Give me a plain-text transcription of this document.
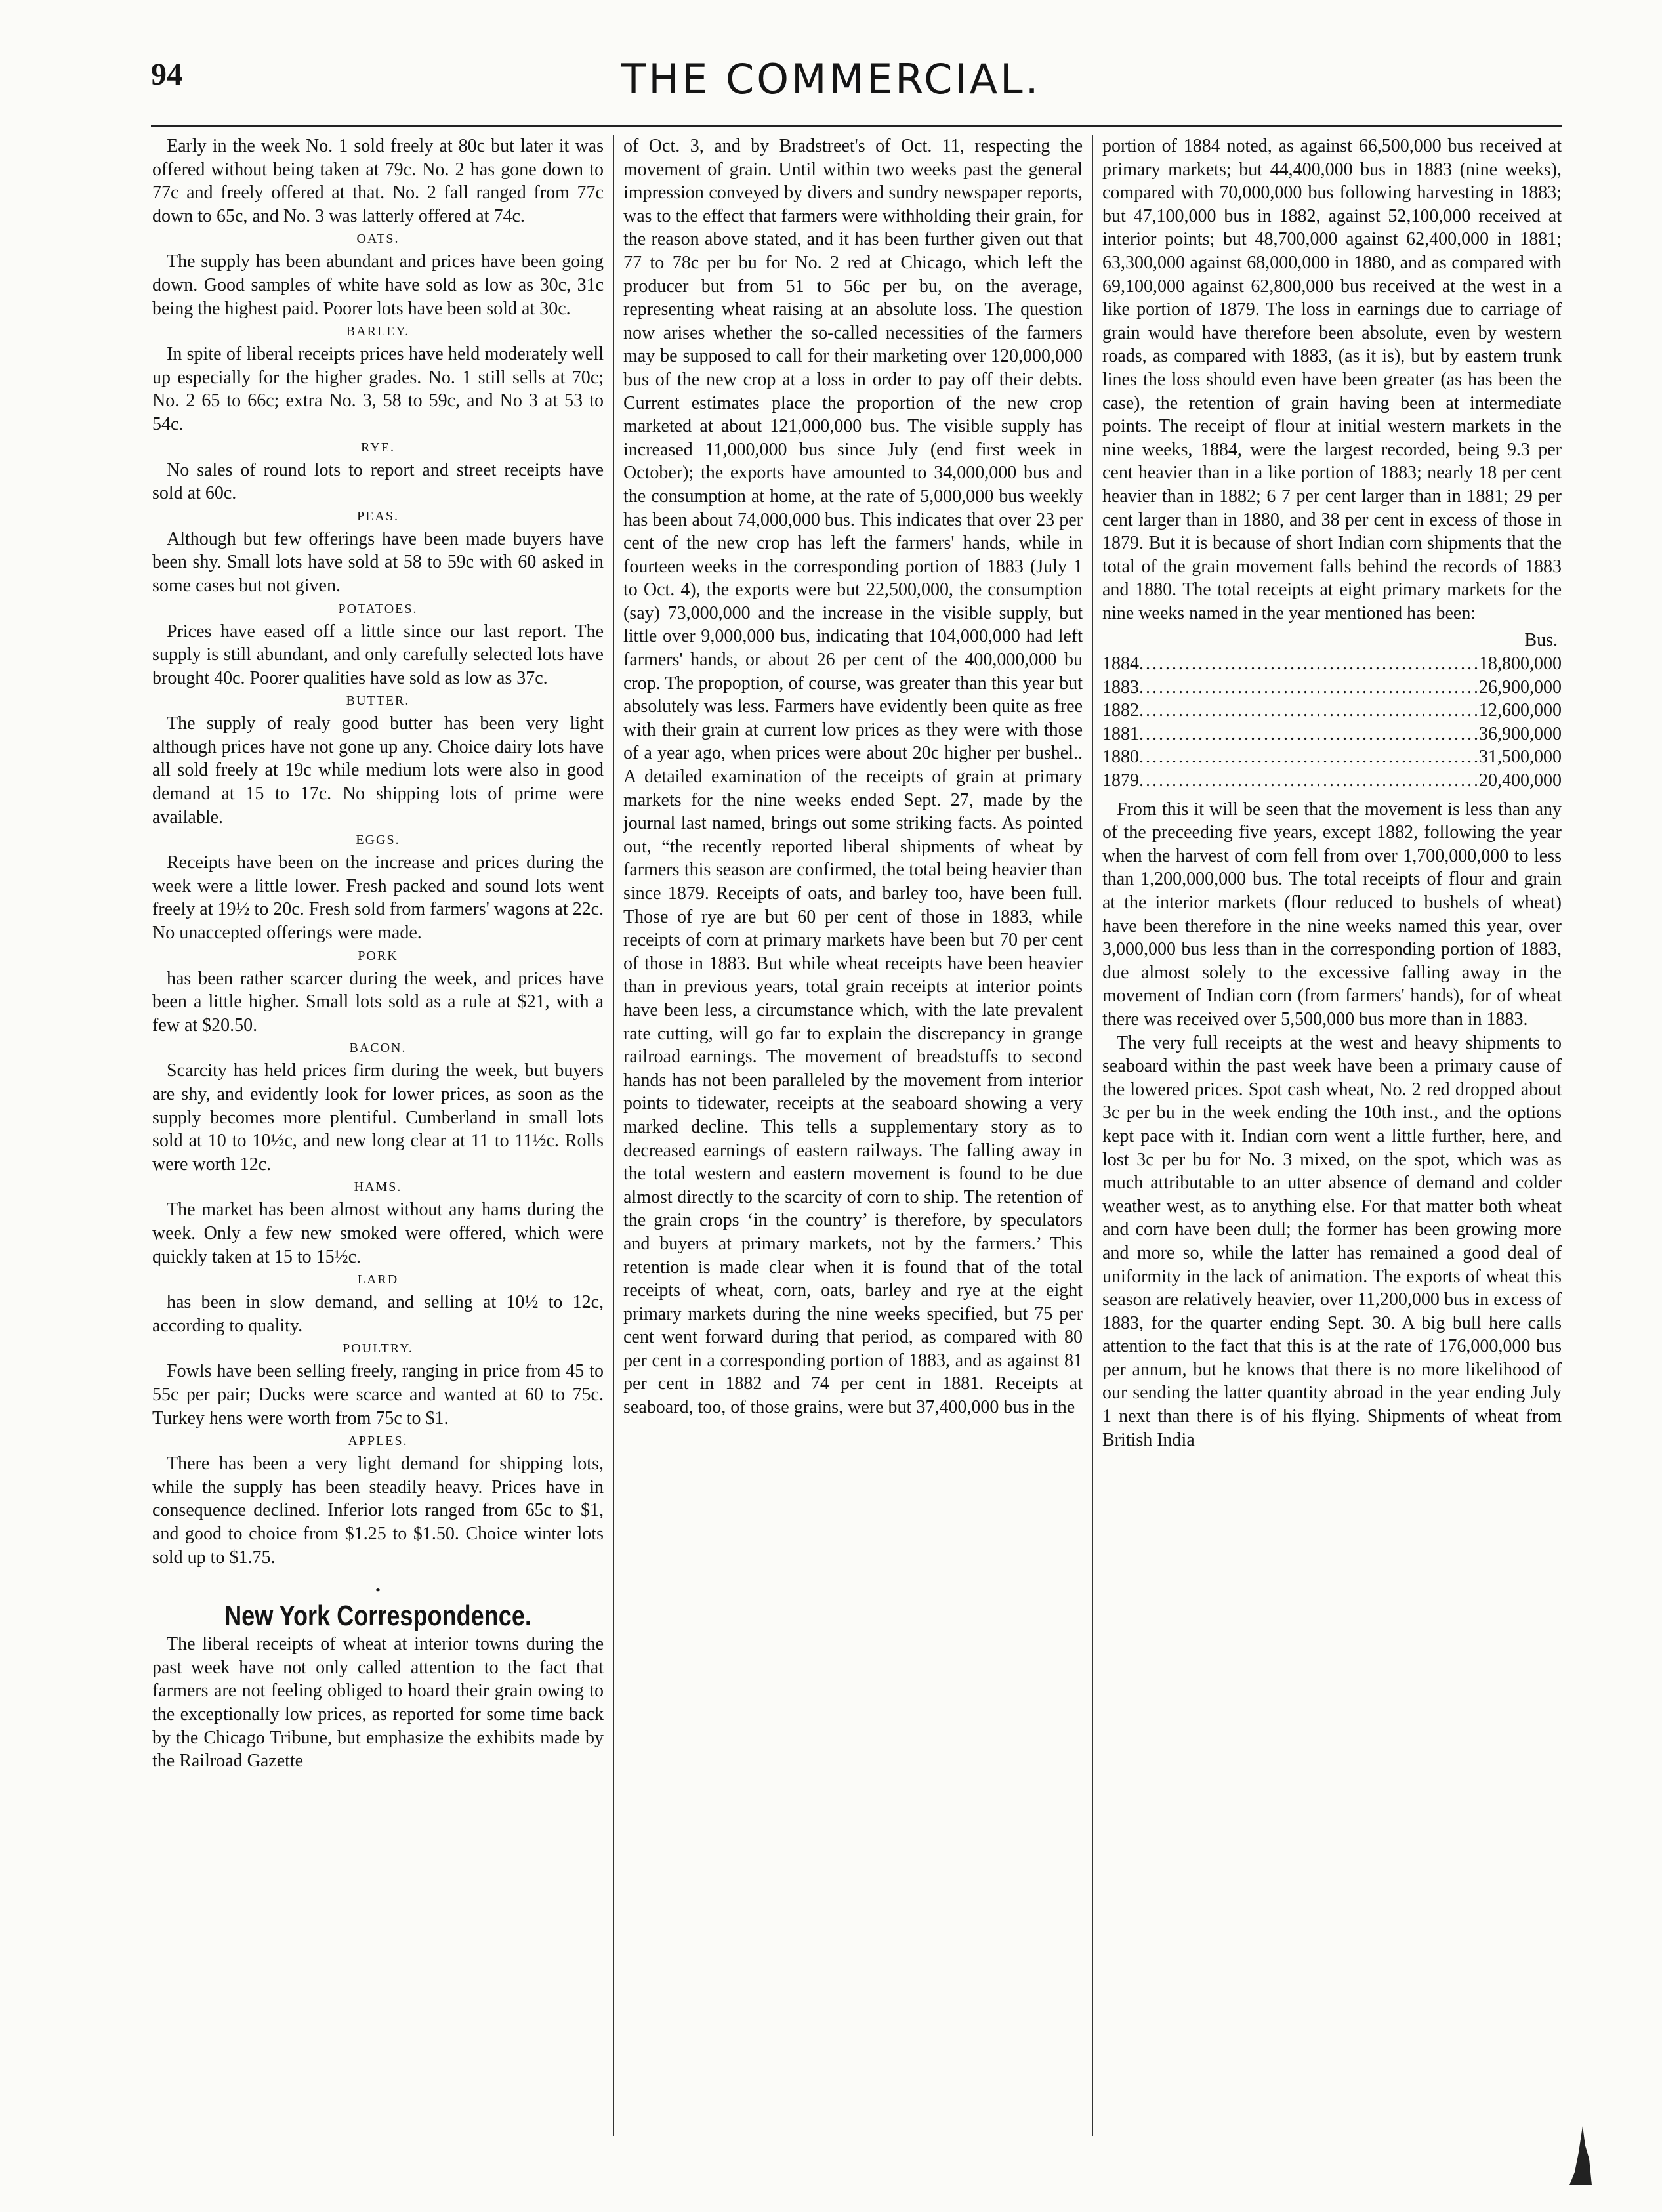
94	THE COMMERCIAL.

Early in the week No. 1 sold freely at 80c but later it was offered without being taken at 79c. No. 2 has gone down to 77c and freely offered at that. No. 2 fall ranged from 77c down to 65c, and No. 3 was latterly offered at 74c.

OATS.

The supply has been abundant and prices have been going down. Good samples of white have sold as low as 30c, 31c being the highest paid. Poorer lots have been sold at 30c.

BARLEY.

In spite of liberal receipts prices have held moderately well up especially for the higher grades. No. 1 still sells at 70c; No. 2 65 to 66c; extra No. 3, 58 to 59c, and No 3 at 53 to 54c.

RYE.

No sales of round lots to report and street receipts have sold at 60c.

PEAS.

Although but few offerings have been made buyers have been shy. Small lots have sold at 58 to 59c with 60 asked in some cases but not given.

POTATOES.

Prices have eased off a little since our last report. The supply is still abundant, and only carefully selected lots have brought 40c. Poorer qualities have sold as low as 37c.

BUTTER.

The supply of realy good butter has been very light although prices have not gone up any. Choice dairy lots have all sold freely at 19c while medium lots were also in good demand at 15 to 17c. No shipping lots of prime were available.

EGGS.

Receipts have been on the increase and prices during the week were a little lower. Fresh packed and sound lots went freely at 19½ to 20c. Fresh sold from farmers' wagons at 22c. No unaccepted offerings were made.

PORK

has been rather scarcer during the week, and prices have been a little higher. Small lots sold as a rule at $21, with a few at $20.50.

BACON.

Scarcity has held prices firm during the week, but buyers are shy, and evidently look for lower prices, as soon as the supply becomes more plentiful. Cumberland in small lots sold at 10 to 10½c, and new long clear at 11 to 11½c. Rolls were worth 12c.

HAMS.

The market has been almost without any hams during the week. Only a few new smoked were offered, which were quickly taken at 15 to 15½c.

LARD

has been in slow demand, and selling at 10½ to 12c, according to quality.

POULTRY.

Fowls have been selling freely, ranging in price from 45 to 55c per pair; Ducks were scarce and wanted at 60 to 75c. Turkey hens were worth from 75c to $1.

APPLES.

There has been a very light demand for shipping lots, while the supply has been steadily heavy. Prices have in consequence declined. Inferior lots ranged from 65c to $1, and good to choice from $1.25 to $1.50. Choice winter lots sold up to $1.75.

•
New York Correspondence.

The liberal receipts of wheat at interior towns during the past week have not only called attention to the fact that farmers are not feeling obliged to hoard their grain owing to the exceptionally low prices, as reported for some time back by the Chicago Tribune, but emphasize the exhibits made by the Railroad Gazette

of Oct. 3, and by Bradstreet's of Oct. 11, respecting the movement of grain. Until within two weeks past the general impression conveyed by divers and sundry newspaper reports, was to the effect that farmers were withholding their grain, for the reason above stated, and it has been further given out that 77 to 78c per bu for No. 2 red at Chicago, which left the producer but from 51 to 56c per bu, on the average, representing wheat raising at an absolute loss. The question now arises whether the so-called necessities of the farmers may be supposed to call for their marketing over 120,000,000 bus of the new crop at a loss in order to pay off their debts. Current estimates place the proportion of the new crop marketed at about 121,000,000 bus. The visible supply has increased 11,000,000 bus since July (end first week in October); the exports have amounted to 34,000,000 bus and the consumption at home, at the rate of 5,000,000 bus weekly has been about 74,000,000 bus. This indicates that over 23 per cent of the new crop has left the farmers' hands, while in fourteen weeks in the corresponding portion of 1883 (July 1 to Oct. 4), the exports were but 22,500,000, the consumption (say) 73,000,000 and the increase in the visible supply, but little over 9,000,000 bus, indicating that 104,000,000 had left farmers' hands, or about 26 per cent of the 400,000,000 bu crop. The propoption, of course, was greater than this year but absolutely was less. Farmers have evidently been quite as free with their grain at current low prices as they were with those of a year ago, when prices were about 20c higher per bushel.. A detailed examination of the receipts of grain at primary markets for the nine weeks ended Sept. 27, made by the journal last named, brings out some striking facts. As pointed out, “the recently reported liberal shipments of wheat by farmers this season are confirmed, the total being heavier than since 1879. Receipts of oats, and barley too, have been full. Those of rye are but 60 per cent of those in 1883, while receipts of corn at primary markets have been but 70 per cent of those in 1883. But while wheat receipts have been heavier than in previous years, total grain receipts at interior points have been less, a circumstance which, with the late prevalent rate cutting, will go far to explain the discrepancy in grange railroad earnings. The movement of breadstuffs to second hands has not been paralleled by the movement from interior points to tidewater, receipts at the seaboard showing a very marked decline. This tells a supplementary story as to decreased earnings of eastern railways. The falling away in the total western and eastern movement is found to be due almost directly to the scarcity of corn to ship. The retention of the grain crops ‘in the country’ is therefore, by speculators and buyers at primary markets, not by the farmers.’ This retention is made clear when it is found that of the total receipts of wheat, corn, oats, barley and rye at the eight primary markets during the nine weeks specified, but 75 per cent went forward during that period, as compared with 80 per cent in a corresponding portion of 1883, and as against 81 per cent in 1882 and 74 per cent in 1881. Receipts at seaboard, too, of those grains, were but 37,400,000 bus in the

portion of 1884 noted, as against 66,500,000 bus received at primary markets; but 44,400,000 bus in 1883 (nine weeks), compared with 70,000,000 bus following harvesting in 1883; but 47,100,000 bus in 1882, against 52,100,000 received at interior points; but 48,700,000 against 62,400,000 in 1881; 63,300,000 against 68,000,000 in 1880, and as compared with 69,100,000 against 62,800,000 bus received at the west in a like portion of 1879. The loss in earnings due to carriage of grain would have therefore been absolute, even by western roads, as compared with 1883, (as it is), but by eastern trunk lines the loss should even have been greater (as has been the case), the retention of grain having been at intermediate points. The receipt of flour at initial western markets in the nine weeks, 1884, were the largest recorded, being 9.3 per cent heavier than in a like portion of 1883; nearly 18 per cent heavier than in 1882; 6 7 per cent larger than in 1881; 29 per cent larger than in 1880, and 38 per cent in excess of those in 1879. But it is because of short Indian corn shipments that the total of the grain movement falls behind the records of 1883 and 1880. The total receipts at eight primary markets for the nine weeks named in the year mentioned has been:

Bus.
1884 .....	18,800,000
1883 .....	26,900,000
1882 .....	12,600,000
1881 .....	36,900,000
1880 .....	31,500,000
1879 .....	20,400,000

From this it will be seen that the movement is less than any of the preceeding five years, except 1882, following the year when the harvest of corn fell from over 1,700,000,000 to less than 1,200,000,000 bus. The total receipts of flour and grain at the interior markets (flour reduced to bushels of wheat) have been therefore in the nine weeks named this year, over 3,000,000 bus less than in the corresponding portion of 1883, due almost solely to the excessive falling away in the movement of Indian corn (from farmers' hands), for of wheat there was received over 5,500,000 bus more than in 1883.

The very full receipts at the west and heavy shipments to seaboard within the past week have been a primary cause of the lowered prices. Spot cash wheat, No. 2 red dropped about 3c per bu in the week ending the 10th inst., and the options kept pace with it. Indian corn went a little further, here, and lost 3c per bu for No. 3 mixed, on the spot, which was as much attributable to an utter absence of demand and colder weather west, as to anything else. For that matter both wheat and corn have been dull; the former has been growing more and more so, while the latter has remained a good deal of uniformity in the lack of animation. The exports of wheat this season are relatively heavier, over 11,200,000 bus in excess of 1883, for the quarter ending Sept. 30. A big bull here calls attention to the fact that this is at the rate of 176,000,000 bus per annum, but he knows that there is no more likelihood of our sending the latter quantity abroad in the year ending July 1 next than there is of his flying. Shipments of wheat from British India
